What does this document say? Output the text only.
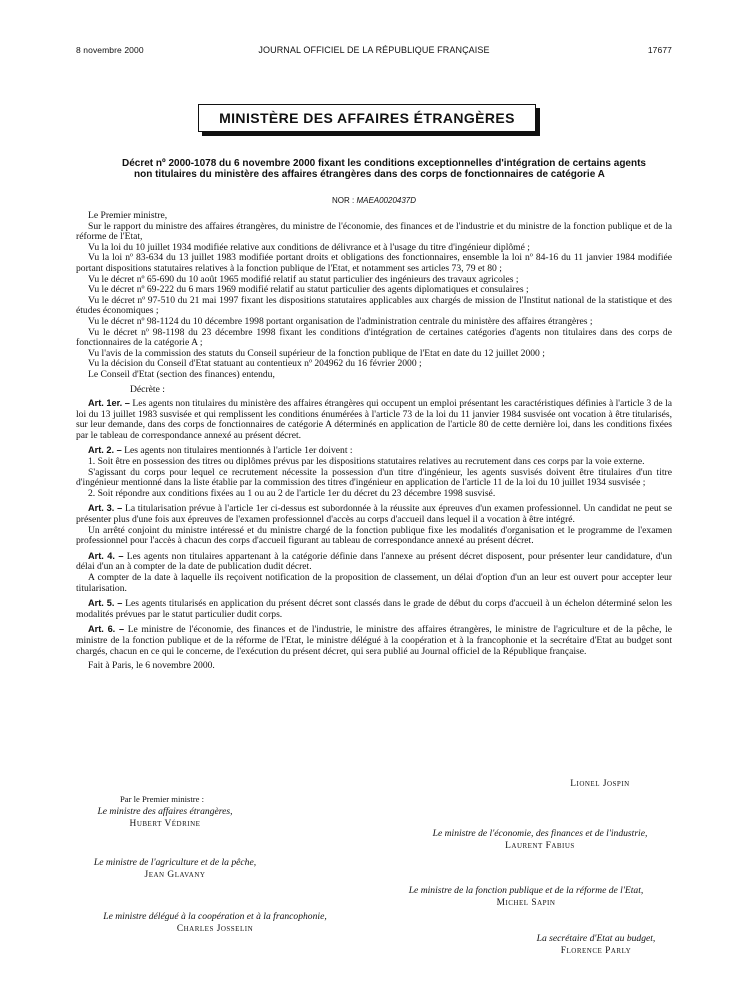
8 novembre 2000	JOURNAL OFFICIEL DE LA RÉPUBLIQUE FRANÇAISE	17677
MINISTÈRE DES AFFAIRES ÉTRANGÈRES
Décret nº 2000-1078 du 6 novembre 2000 fixant les conditions exceptionnelles d'intégration de certains agents non titulaires du ministère des affaires étrangères dans des corps de fonctionnaires de catégorie A
NOR : MAEA0020437D

Le Premier ministre,

Sur le rapport du ministre des affaires étrangères, du ministre de l'économie, des finances et de l'industrie et du ministre de la fonction publique et de la réforme de l'Etat,

Vu la loi du 10 juillet 1934 modifiée relative aux conditions de délivrance et à l'usage du titre d'ingénieur diplômé ;

Vu la loi nº 83-634 du 13 juillet 1983 modifiée portant droits et obligations des fonctionnaires, ensemble la loi nº 84-16 du 11 janvier 1984 modifiée portant dispositions statutaires relatives à la fonction publique de l'Etat, et notamment ses articles 73, 79 et 80 ;

Vu le décret nº 65-690 du 10 août 1965 modifié relatif au statut particulier des ingénieurs des travaux agricoles ;

Vu le décret nº 69-222 du 6 mars 1969 modifié relatif au statut particulier des agents diplomatiques et consulaires ;

Vu le décret nº 97-510 du 21 mai 1997 fixant les dispositions statutaires applicables aux chargés de mission de l'Institut national de la statistique et des études économiques ;

Vu le décret nº 98-1124 du 10 décembre 1998 portant organisation de l'administration centrale du ministère des affaires étrangères ;

Vu le décret nº 98-1198 du 23 décembre 1998 fixant les conditions d'intégration de certaines catégories d'agents non titulaires dans des corps de fonctionnaires de la catégorie A ;

Vu l'avis de la commission des statuts du Conseil supérieur de la fonction publique de l'Etat en date du 12 juillet 2000 ;

Vu la décision du Conseil d'Etat statuant au contentieux nº 204962 du 16 février 2000 ;

Le Conseil d'Etat (section des finances) entendu,

Décrète :

Art. 1er. – Les agents non titulaires du ministère des affaires étrangères qui occupent un emploi présentant les caractéristiques définies à l'article 3 de la loi du 13 juillet 1983 susvisée et qui remplissent les conditions énumérées à l'article 73 de la loi du 11 janvier 1984 susvisée ont vocation à être titularisés, sur leur demande, dans des corps de fonctionnaires de catégorie A déterminés en application de l'article 80 de cette dernière loi, dans les conditions fixées par le tableau de correspondance annexé au présent décret.

Art. 2. – Les agents non titulaires mentionnés à l'article 1er doivent :

1. Soit être en possession des titres ou diplômes prévus par les dispositions statutaires relatives au recrutement dans ces corps par la voie externe.

S'agissant du corps pour lequel ce recrutement nécessite la possession d'un titre d'ingénieur, les agents susvisés doivent être titulaires d'un titre d'ingénieur mentionné dans la liste établie par la commission des titres d'ingénieur en application de l'article 11 de la loi du 10 juillet 1934 susvisée ;

2. Soit répondre aux conditions fixées au 1 ou au 2 de l'article 1er du décret du 23 décembre 1998 susvisé.

Art. 3. – La titularisation prévue à l'article 1er ci-dessus est subordonnée à la réussite aux épreuves d'un examen professionnel. Un candidat ne peut se présenter plus d'une fois aux épreuves de l'examen professionnel d'accès au corps d'accueil dans lequel il a vocation à être intégré.

Un arrêté conjoint du ministre intéressé et du ministre chargé de la fonction publique fixe les modalités d'organisation et le programme de l'examen professionnel pour l'accès à chacun des corps d'accueil figurant au tableau de correspondance annexé au présent décret.

Art. 4. – Les agents non titulaires appartenant à la catégorie définie dans l'annexe au présent décret disposent, pour présenter leur candidature, d'un délai d'un an à compter de la date de publication dudit décret.

A compter de la date à laquelle ils reçoivent notification de la proposition de classement, un délai d'option d'un an leur est ouvert pour accepter leur titularisation.

Art. 5. – Les agents titularisés en application du présent décret sont classés dans le grade de début du corps d'accueil à un échelon déterminé selon les modalités prévues par le statut particulier dudit corps.

Art. 6. – Le ministre de l'économie, des finances et de l'industrie, le ministre des affaires étrangères, le ministre de l'agriculture et de la pêche, le ministre de la fonction publique et de la réforme de l'Etat, le ministre délégué à la coopération et à la francophonie et la secrétaire d'Etat au budget sont chargés, chacun en ce qui le concerne, de l'exécution du présent décret, qui sera publié au Journal officiel de la République française.

Fait à Paris, le 6 novembre 2000.

Lionel Jospin
Par le Premier ministre :
Le ministre des affaires étrangères,
Hubert Védrine
Le ministre de l'économie, des finances et de l'industrie,
Laurent Fabius
Le ministre de l'agriculture et de la pêche,
Jean Glavany
Le ministre de la fonction publique et de la réforme de l'Etat,
Michel Sapin
Le ministre délégué à la coopération et à la francophonie,
Charles Josselin
La secrétaire d'Etat au budget,
Florence Parly
